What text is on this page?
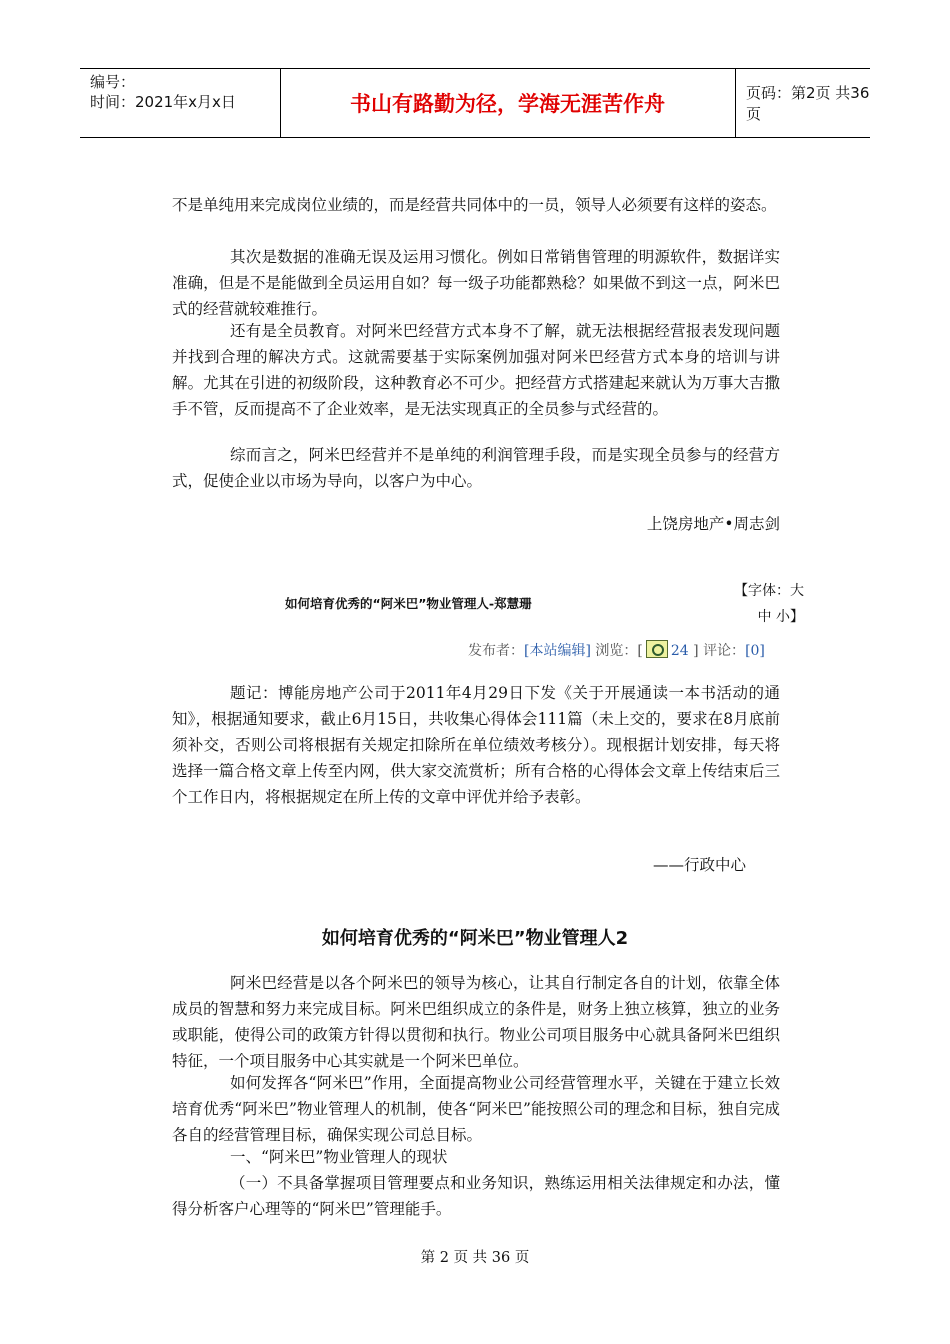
编号：
时间：2021年x月x日	书山有路勤为径，学海无涯苦作舟	页码：第2页 共36页

不是单纯用来完成岗位业绩的，而是经营共同体中的一员，领导人必须要有这样的姿态。

其次是数据的准确无误及运用习惯化。例如日常销售管理的明源软件，数据详实准确，但是不是能做到全员运用自如？每一级子功能都熟稔？如果做不到这一点，阿米巴式的经营就较难推行。

还有是全员教育。对阿米巴经营方式本身不了解，就无法根据经营报表发现问题并找到合理的解决方式。这就需要基于实际案例加强对阿米巴经营方式本身的培训与讲解。尤其在引进的初级阶段，这种教育必不可少。把经营方式搭建起来就认为万事大吉撒手不管，反而提高不了企业效率，是无法实现真正的全员参与式经营的。

综而言之，阿米巴经营并不是单纯的利润管理手段，而是实现全员参与的经营方式，促使企业以市场为导向，以客户为中心。

上饶房地产•周志剑
如何培育优秀的“阿米巴”物业管理人-郑慧珊
【字体：大
中 小】
发布者：[本站编辑] 浏览：[ 24 ] 评论：[0]

题记：博能房地产公司于2011年4月29日下发《关于开展通读一本书活动的通知》，根据通知要求，截止6月15日，共收集心得体会111篇（未上交的，要求在8月底前须补交，否则公司将根据有关规定扣除所在单位绩效考核分）。现根据计划安排，每天将选择一篇合格文章上传至内网，供大家交流赏析；所有合格的心得体会文章上传结束后三个工作日内，将根据规定在所上传的文章中评优并给予表彰。

——行政中心
如何培育优秀的“阿米巴”物业管理人2

阿米巴经营是以各个阿米巴的领导为核心，让其自行制定各自的计划，依靠全体成员的智慧和努力来完成目标。阿米巴组织成立的条件是，财务上独立核算，独立的业务或职能，使得公司的政策方针得以贯彻和执行。物业公司项目服务中心就具备阿米巴组织特征，一个项目服务中心其实就是一个阿米巴单位。

如何发挥各“阿米巴”作用，全面提高物业公司经营管理水平，关键在于建立长效培育优秀“阿米巴”物业管理人的机制，使各“阿米巴”能按照公司的理念和目标，独自完成各自的经营管理目标，确保实现公司总目标。

一、“阿米巴”物业管理人的现状

（一）不具备掌握项目管理要点和业务知识，熟练运用相关法律规定和办法，懂得分析客户心理等的“阿米巴”管理能手。

第 2 页 共 36 页
